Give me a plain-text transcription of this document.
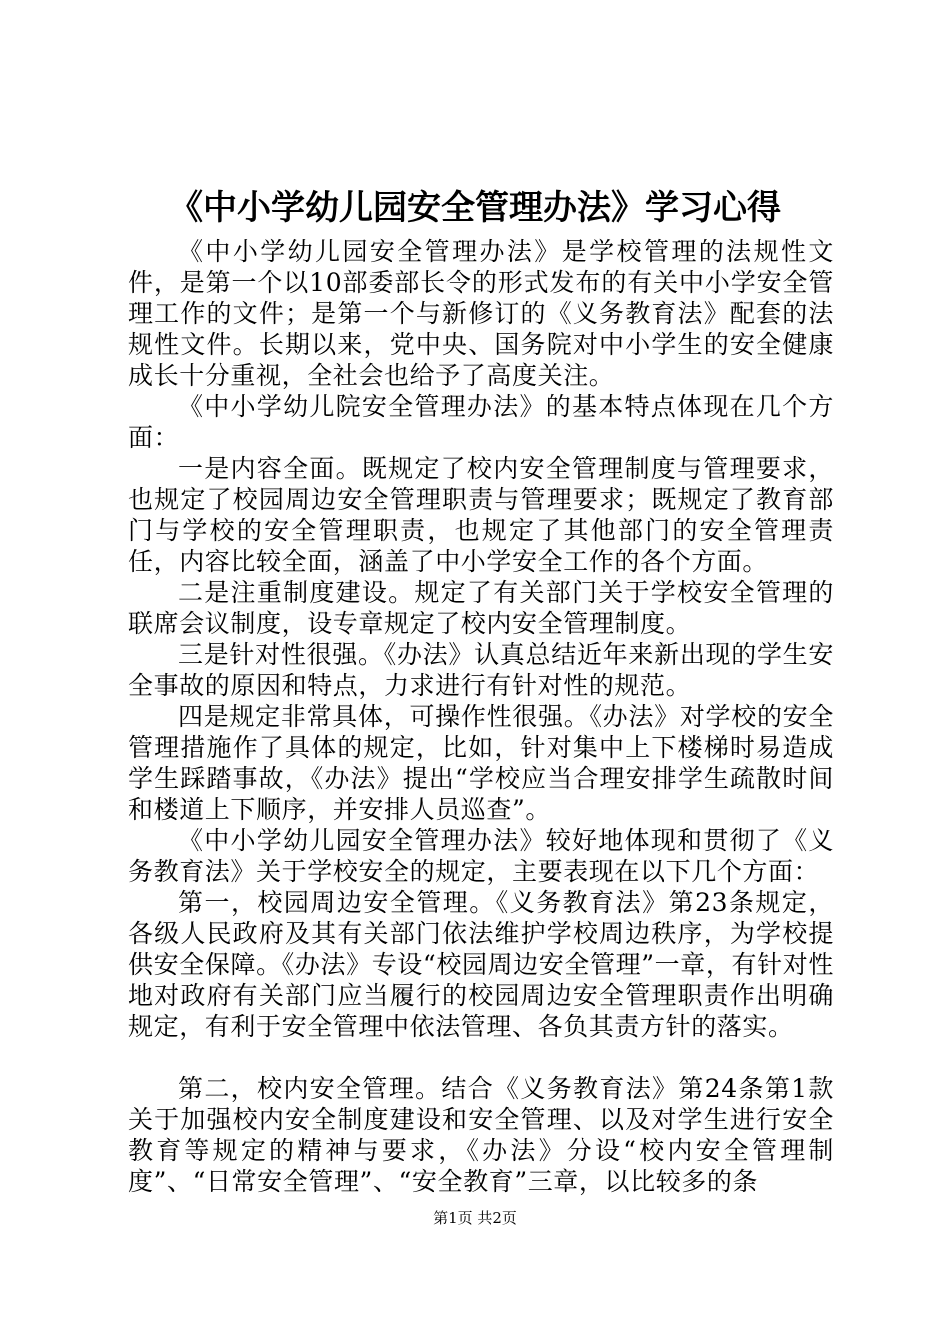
《中小学幼儿园安全管理办法》学习心得

《中小学幼儿园安全管理办法》是学校管理的法规性文件，是第一个以10部委部长令的形式发布的有关中小学安全管理工作的文件；是第一个与新修订的《义务教育法》配套的法规性文件。长期以来，党中央、国务院对中小学生的安全健康成长十分重视，全社会也给予了高度关注。

《中小学幼儿院安全管理办法》的基本特点体现在几个方面：

一是内容全面。既规定了校内安全管理制度与管理要求，也规定了校园周边安全管理职责与管理要求；既规定了教育部门与学校的安全管理职责，也规定了其他部门的安全管理责任，内容比较全面，涵盖了中小学安全工作的各个方面。

二是注重制度建设。规定了有关部门关于学校安全管理的联席会议制度，设专章规定了校内安全管理制度。

三是针对性很强。《办法》认真总结近年来新出现的学生安全事故的原因和特点，力求进行有针对性的规范。

四是规定非常具体，可操作性很强。《办法》对学校的安全管理措施作了具体的规定，比如，针对集中上下楼梯时易造成学生踩踏事故，《办法》提出“学校应当合理安排学生疏散时间和楼道上下顺序，并安排人员巡查”。

《中小学幼儿园安全管理办法》较好地体现和贯彻了《义务教育法》关于学校安全的规定，主要表现在以下几个方面：

第一，校园周边安全管理。《义务教育法》第23条规定，各级人民政府及其有关部门依法维护学校周边秩序，为学校提供安全保障。《办法》专设“校园周边安全管理”一章，有针对性地对政府有关部门应当履行的校园周边安全管理职责作出明确规定，有利于安全管理中依法管理、各负其责方针的落实。

第二，校内安全管理。结合《义务教育法》第24条第1款关于加强校内安全制度建设和安全管理、以及对学生进行安全教育等规定的精神与要求，《办法》分设“校内安全管理制度”、“日常安全管理”、“安全教育”三章，以比较多的条

第1页 共2页
